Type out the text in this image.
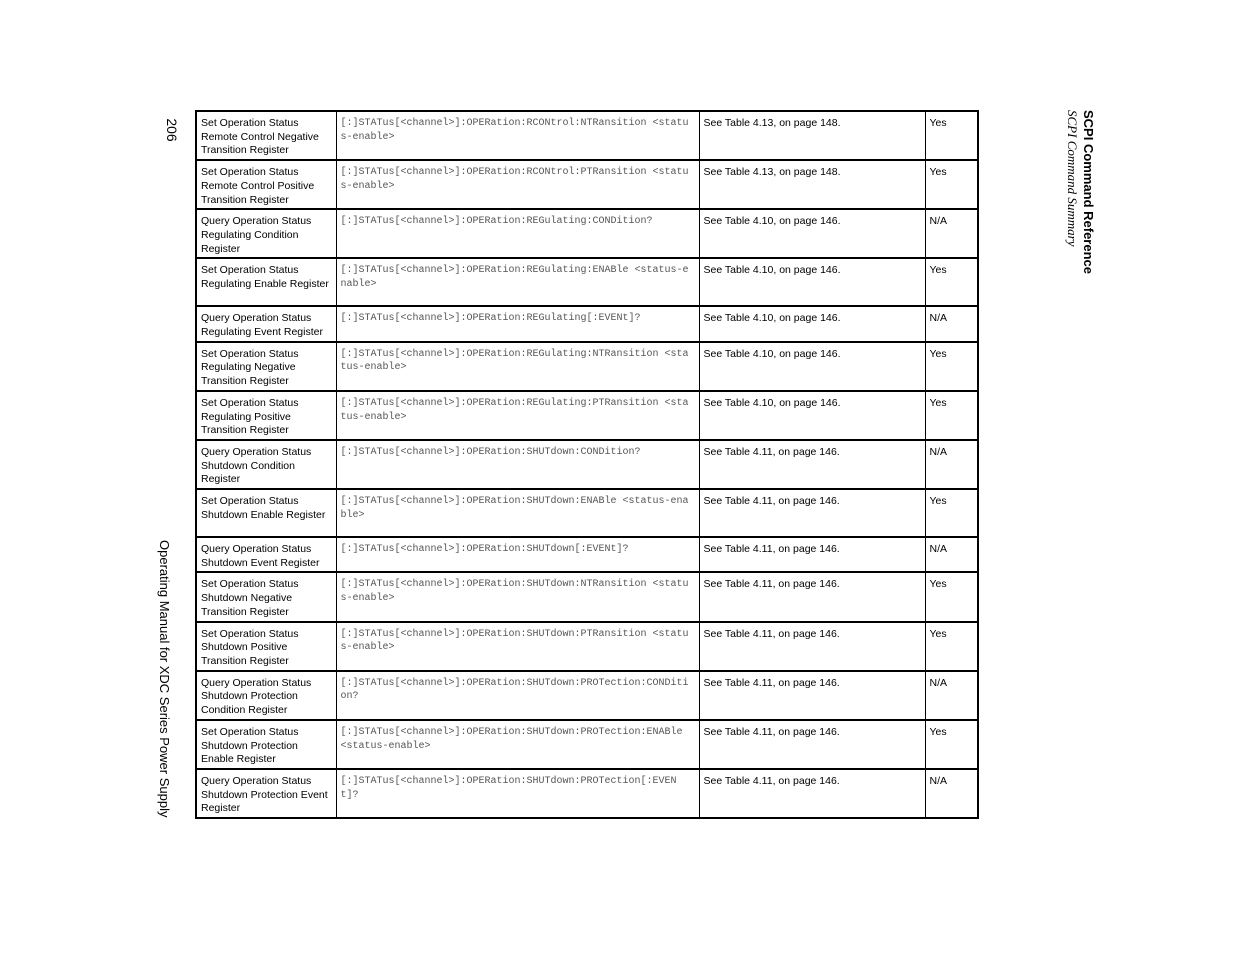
206
Operating Manual for XDC Series Power Supply
SCPI Command Reference
SCPI Command Summary
Set Operation Status Remote Control Negative Transition Register	[:]STATus[<channel>]:OPERation:RCONtrol:NTRansition <status-enable>	See Table 4.13, on page 148.	Yes
Set Operation Status Remote Control Positive Transition Register	[:]STATus[<channel>]:OPERation:RCONtrol:PTRansition <status-enable>	See Table 4.13, on page 148.	Yes
Query Operation Status Regulating Condition Register	[:]STATus[<channel>]:OPERation:REGulating:CONDition?	See Table 4.10, on page 146.	N/A
Set Operation Status Regulating Enable Register	[:]STATus[<channel>]:OPERation:REGulating:ENABle <status-enable>	See Table 4.10, on page 146.	Yes
Query Operation Status Regulating Event Register	[:]STATus[<channel>]:OPERation:REGulating[:EVENt]?	See Table 4.10, on page 146.	N/A
Set Operation Status Regulating Negative Transition Register	[:]STATus[<channel>]:OPERation:REGulating:NTRansition <status-enable>	See Table 4.10, on page 146.	Yes
Set Operation Status Regulating Positive Transition Register	[:]STATus[<channel>]:OPERation:REGulating:PTRansition <status-enable>	See Table 4.10, on page 146.	Yes
Query Operation Status Shutdown Condition Register	[:]STATus[<channel>]:OPERation:SHUTdown:CONDition?	See Table 4.11, on page 146.	N/A
Set Operation Status Shutdown Enable Register	[:]STATus[<channel>]:OPERation:SHUTdown:ENABle <status-enable>	See Table 4.11, on page 146.	Yes
Query Operation Status Shutdown Event Register	[:]STATus[<channel>]:OPERation:SHUTdown[:EVENt]?	See Table 4.11, on page 146.	N/A
Set Operation Status Shutdown Negative Transition Register	[:]STATus[<channel>]:OPERation:SHUTdown:NTRansition <status-enable>	See Table 4.11, on page 146.	Yes
Set Operation Status Shutdown Positive Transition Register	[:]STATus[<channel>]:OPERation:SHUTdown:PTRansition <status-enable>	See Table 4.11, on page 146.	Yes
Query Operation Status Shutdown Protection Condition Register	[:]STATus[<channel>]:OPERation:SHUTdown:PROTection:CONDition?	See Table 4.11, on page 146.	N/A
Set Operation Status Shutdown Protection Enable Register	[:]STATus[<channel>]:OPERation:SHUTdown:PROTection:ENABle <status-enable>	See Table 4.11, on page 146.	Yes
Query Operation Status Shutdown Protection Event Register	[:]STATus[<channel>]:OPERation:SHUTdown:PROTection[:EVENt]?	See Table 4.11, on page 146.	N/A
